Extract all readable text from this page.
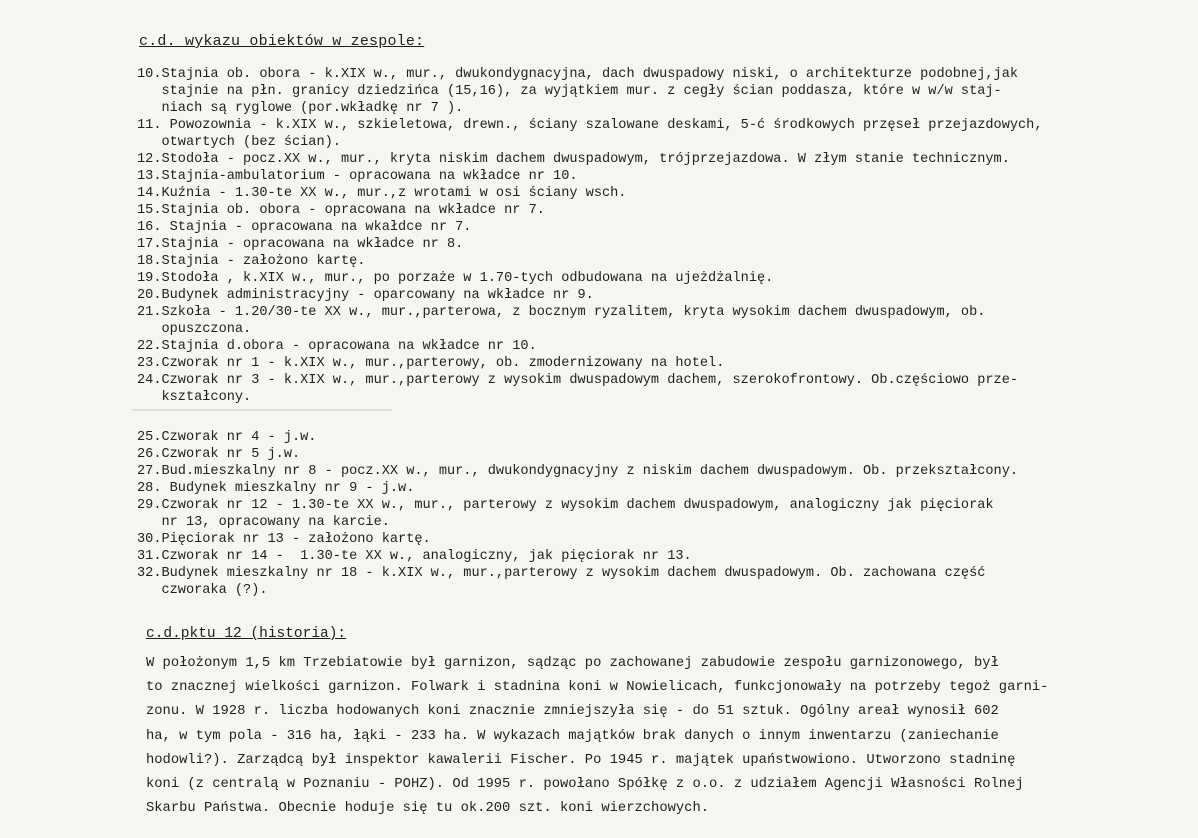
c.d. wykazu obiektów w zespole:
10.Stajnia ob. obora - k.XIX w., mur., dwukondygnacyjna, dach dwuspadowy niski, o architekturze podobnej,jak
stajnie na płn. granicy dziedzińca (15,16), za wyjątkiem mur. z cegły ścian poddasza, które w w/w staj-
niach są ryglowe (por.wkładkę nr 7 ).
11. Powozownia - k.XIX w., szkieletowa, drewn., ściany szalowane deskami, 5-ć środkowych przęseł przejazdowych,
otwartych (bez ścian).
12.Stodoła - pocz.XX w., mur., kryta niskim dachem dwuspadowym, trójprzejazdowa. W złym stanie technicznym.
13.Stajnia-ambulatorium - opracowana na wkładce nr 10.
14.Kuźnia - 1.30-te XX w., mur.,z wrotami w osi ściany wsch.
15.Stajnia ob. obora - opracowana na wkładce nr 7.
16. Stajnia - opracowana na wkałdce nr 7.
17.Stajnia - opracowana na wkładce nr 8.
18.Stajnia - założono kartę.
19.Stodoła , k.XIX w., mur., po porzaże w 1.70-tych odbudowana na ujeżdżalnię.
20.Budynek administracyjny - oparcowany na wkładce nr 9.
21.Szkoła - 1.20/30-te XX w., mur.,parterowa, z bocznym ryzalitem, kryta wysokim dachem dwuspadowym, ob.
opuszczona.
22.Stajnia d.obora - opracowana na wkładce nr 10.
23.Czworak nr 1 - k.XIX w., mur.,parterowy, ob. zmodernizowany na hotel.
24.Czworak nr 3 - k.XIX w., mur.,parterowy z wysokim dwuspadowym dachem, szerokofrontowy. Ob.częściowo prze-
kształcony.
25.Czworak nr 4 - j.w.
26.Czworak nr 5 j.w.
27.Bud.mieszkalny nr 8 - pocz.XX w., mur., dwukondygnacyjny z niskim dachem dwuspadowym. Ob. przekształcony.
28. Budynek mieszkalny nr 9 - j.w.
29.Czworak nr 12 - 1.30-te XX w., mur., parterowy z wysokim dachem dwuspadowym, analogiczny jak pięciorak
nr 13, opracowany na karcie.
30.Pięciorak nr 13 - założono kartę.
31.Czworak nr 14 -  1.30-te XX w., analogiczny, jak pięciorak nr 13.
32.Budynek mieszkalny nr 18 - k.XIX w., mur.,parterowy z wysokim dachem dwuspadowym. Ob. zachowana część
czworaka (?).
c.d.pktu 12 (historia):
W położonym 1,5 km Trzebiatowie był garnizon, sądząc po zachowanej zabudowie zespołu garnizonowego, był
to znacznej wielkości garnizon. Folwark i stadnina koni w Nowielicach, funkcjonowały na potrzeby tegoż garni-
zonu. W 1928 r. liczba hodowanych koni znacznie zmniejszyła się - do 51 sztuk. Ogólny areał wynosił 602
ha, w tym pola - 316 ha, łąki - 233 ha. W wykazach majątków brak danych o innym inwentarzu (zaniechanie
hodowli?). Zarządcą był inspektor kawalerii Fischer. Po 1945 r. majątek upaństwowiono. Utworzono stadninę
koni (z centralą w Poznaniu - POHZ). Od 1995 r. powołano Spółkę z o.o. z udziałem Agencji Własności Rolnej
Skarbu Państwa. Obecnie hoduje się tu ok.200 szt. koni wierzchowych.
